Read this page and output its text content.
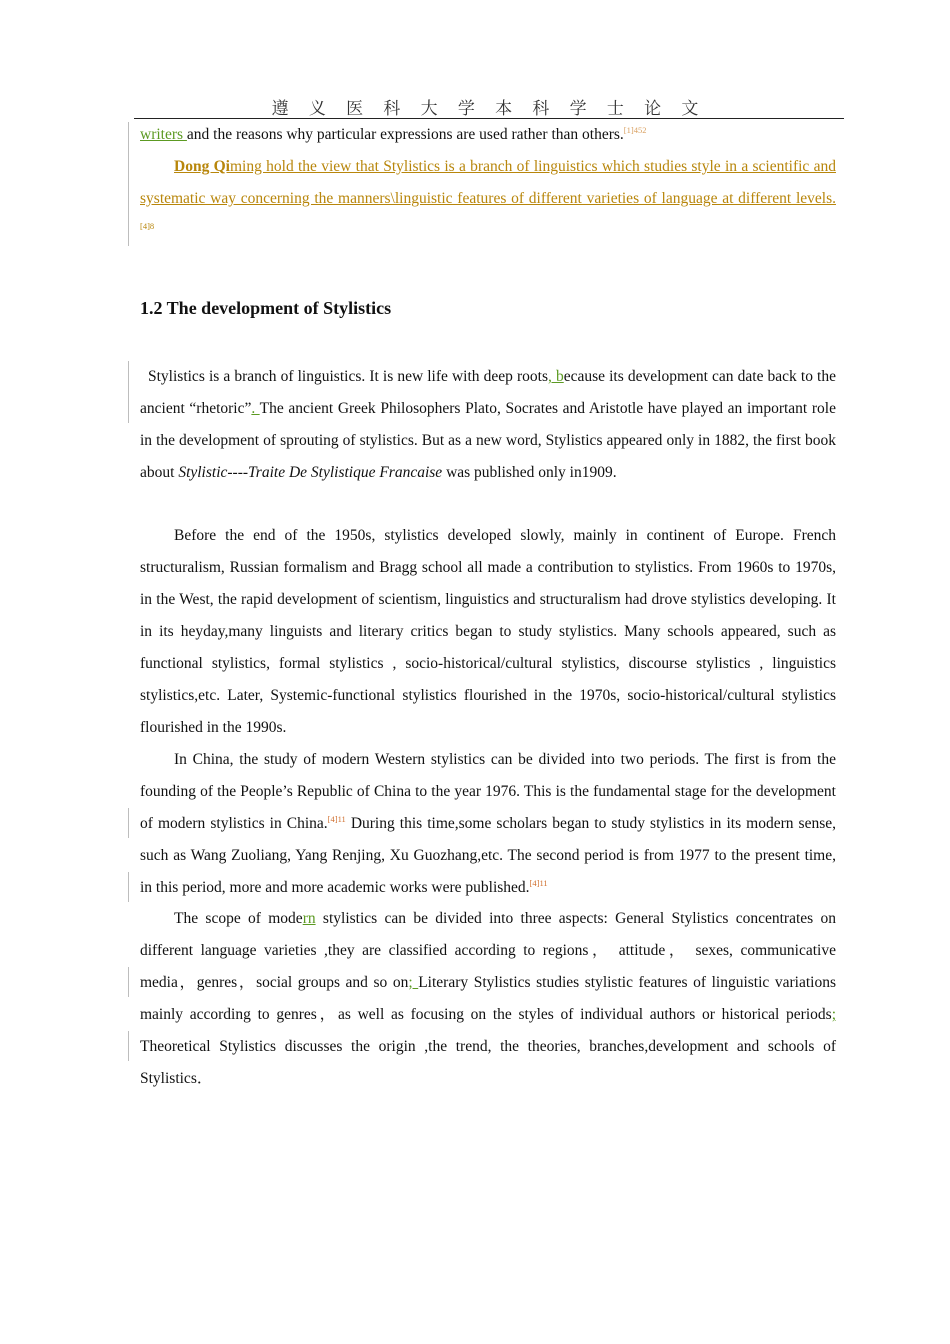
遵 义 医 科 大 学 本 科 学 士 论 文
writers and the reasons why particular expressions are used rather than others.$^{[1]452}$
Dong Qiming hold the view that Stylistics is a branch of linguistics which studies style in a scientific and systematic way concerning the manners\linguistic features of different varieties of language at different levels.$^{[4]8}$
1.2 The development of Stylistics
Stylistics is a branch of linguistics. It is new life with deep roots, because its development can date back to the ancient “rhetoric”. The ancient Greek Philosophers Plato, Socrates and Aristotle have played an important role in the development of sprouting of stylistics. But as a new word, Stylistics appeared only in 1882, the first book about Stylistic----Traite De Stylistique Francaise was published only in1909.
Before the end of the 1950s, stylistics developed slowly, mainly in continent of Europe. French structuralism, Russian formalism and Bragg school all made a contribution to stylistics. From 1960s to 1970s, in the West, the rapid development of scientism, linguistics and structuralism had drove stylistics developing. It in its heyday,many linguists and literary critics began to study stylistics. Many schools appeared, such as functional stylistics, formal stylistics , socio-historical/cultural stylistics, discourse stylistics , linguistics stylistics,etc. Later, Systemic-functional stylistics flourished in the 1970s, socio-historical/cultural stylistics flourished in the 1990s.
In China, the study of modern Western stylistics can be divided into two periods. The first is from the founding of the People’s Republic of China to the year 1976. This is the fundamental stage for the development of modern stylistics in China.$^{[4]11}$ During this time,some scholars began to study stylistics in its modern sense, such as Wang Zuoliang, Yang Renjing, Xu Guozhang,etc. The second period is from 1977 to the present time, in this period, more and more academic works were published.$^{[4]11}$
The scope of modern stylistics can be divided into three aspects: General Stylistics concentrates on different language varieties ,they are classified according to regions， attitude， sexes, communicative media，genres，social groups and so on; Literary Stylistics studies stylistic features of linguistic variations mainly according to genres，as well as focusing on the styles of individual authors or historical periods; Theoretical Stylistics discusses the origin ,the trend, the theories, branches,development and schools of Stylistics．
